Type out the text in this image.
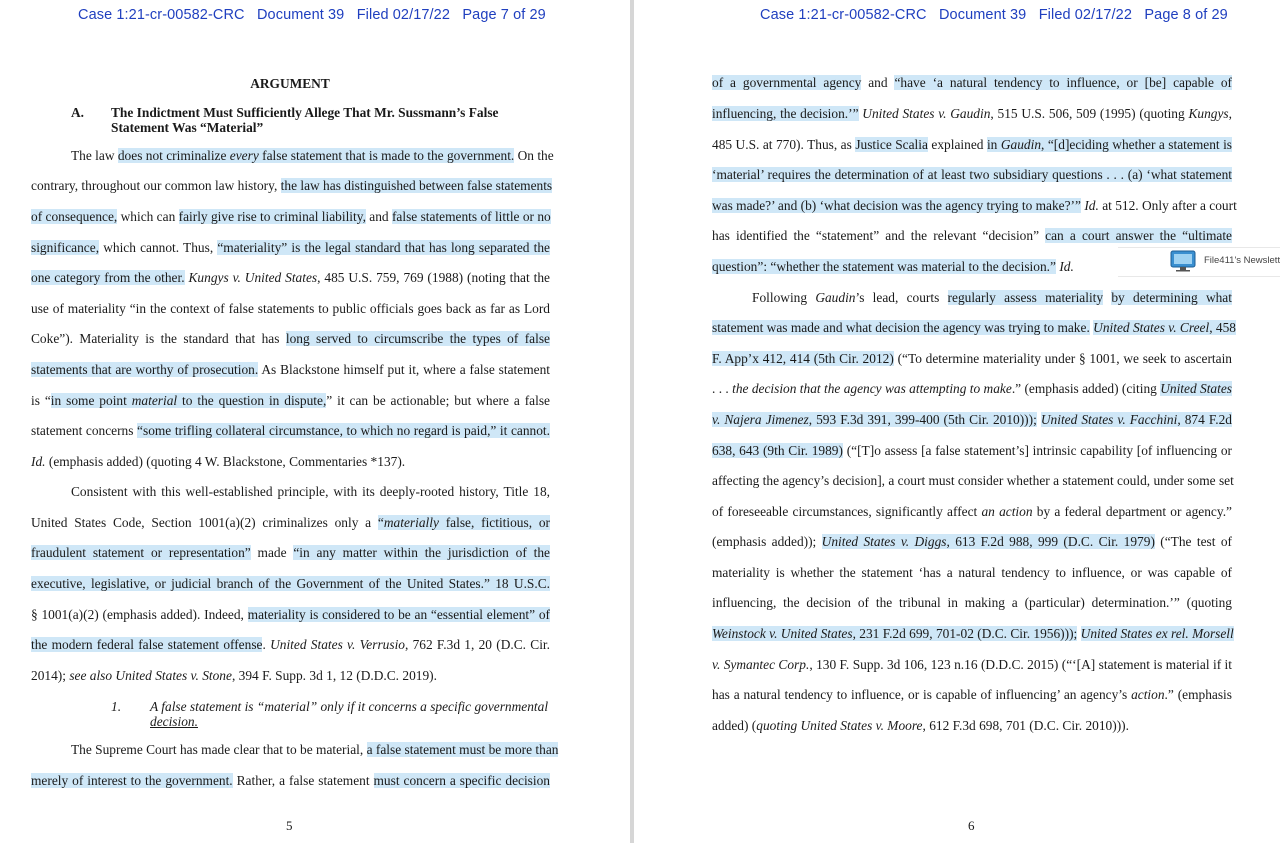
Case 1:21-cr-00582-CRC   Document 39   Filed 02/17/22   Page 7 of 29
ARGUMENT
A. The Indictment Must Sufficiently Allege That Mr. Sussmann’s False
Statement Was “Material”
The law does not criminalize every false statement that is made to the government. On the
contrary, throughout our common law history, the law has distinguished between false statements
of consequence, which can fairly give rise to criminal liability, and false statements of little or no
significance, which cannot. Thus, “materiality” is the legal standard that has long separated the
one category from the other. Kungys v. United States, 485 U.S. 759, 769 (1988) (noting that the
use of materiality “in the context of false statements to public officials goes back as far as Lord
Coke”). Materiality is the standard that has long served to circumscribe the types of false
statements that are worthy of prosecution. As Blackstone himself put it, where a false statement
is “in some point material to the question in dispute,” it can be actionable; but where a false
statement concerns “some trifling collateral circumstance, to which no regard is paid,” it cannot.
Id. (emphasis added) (quoting 4 W. Blackstone, Commentaries *137).
Consistent with this well-established principle, with its deeply-rooted history, Title 18,
United States Code, Section 1001(a)(2) criminalizes only a “materially false, fictitious, or
fraudulent statement or representation” made “in any matter within the jurisdiction of the
executive, legislative, or judicial branch of the Government of the United States.” 18 U.S.C.
§ 1001(a)(2) (emphasis added). Indeed, materiality is considered to be an “essential element” of
the modern federal false statement offense. United States v. Verrusio, 762 F.3d 1, 20 (D.C. Cir.
2014); see also United States v. Stone, 394 F. Supp. 3d 1, 12 (D.D.C. 2019).
1. A false statement is “material” only if it concerns a specific governmental
decision.
The Supreme Court has made clear that to be material, a false statement must be more than
merely of interest to the government. Rather, a false statement must concern a specific decision
5
Case 1:21-cr-00582-CRC   Document 39   Filed 02/17/22   Page 8 of 29
of a governmental agency and “have ‘a natural tendency to influence, or [be] capable of
influencing, the decision.’” United States v. Gaudin, 515 U.S. 506, 509 (1995) (quoting Kungys,
485 U.S. at 770). Thus, as Justice Scalia explained in Gaudin, “[d]eciding whether a statement is
‘material’ requires the determination of at least two subsidiary questions . . . (a) ‘what statement
was made?’ and (b) ‘what decision was the agency trying to make?’” Id. at 512. Only after a court
has identified the “statement” and the relevant “decision” can a court answer the “ultimate
question”: “whether the statement was material to the decision.” Id.
Following Gaudin’s lead, courts regularly assess materiality by determining what
statement was made and what decision the agency was trying to make. United States v. Creel, 458
F. App’x 412, 414 (5th Cir. 2012) (“To determine materiality under § 1001, we seek to ascertain
. . . the decision that the agency was attempting to make.” (emphasis added) (citing United States
v. Najera Jimenez, 593 F.3d 391, 399-400 (5th Cir. 2010))); United States v. Facchini, 874 F.2d
638, 643 (9th Cir. 1989) (“[T]o assess [a false statement’s] intrinsic capability [of influencing or
affecting the agency’s decision], a court must consider whether a statement could, under some set
of foreseeable circumstances, significantly affect an action by a federal department or agency.”
(emphasis added)); United States v. Diggs, 613 F.2d 988, 999 (D.C. Cir. 1979) (“The test of
materiality is whether the statement ‘has a natural tendency to influence, or was capable of
influencing, the decision of the tribunal in making a (particular) determination.’” (quoting
Weinstock v. United States, 231 F.2d 699, 701-02 (D.C. Cir. 1956))); United States ex rel. Morsell
v. Symantec Corp., 130 F. Supp. 3d 106, 123 n.16 (D.D.C. 2015) (“‘[A] statement is material if it
has a natural tendency to influence, or is capable of influencing’ an agency’s action.” (emphasis
added) (quoting United States v. Moore, 612 F.3d 698, 701 (D.C. Cir. 2010))).
6
File411's Newslett
